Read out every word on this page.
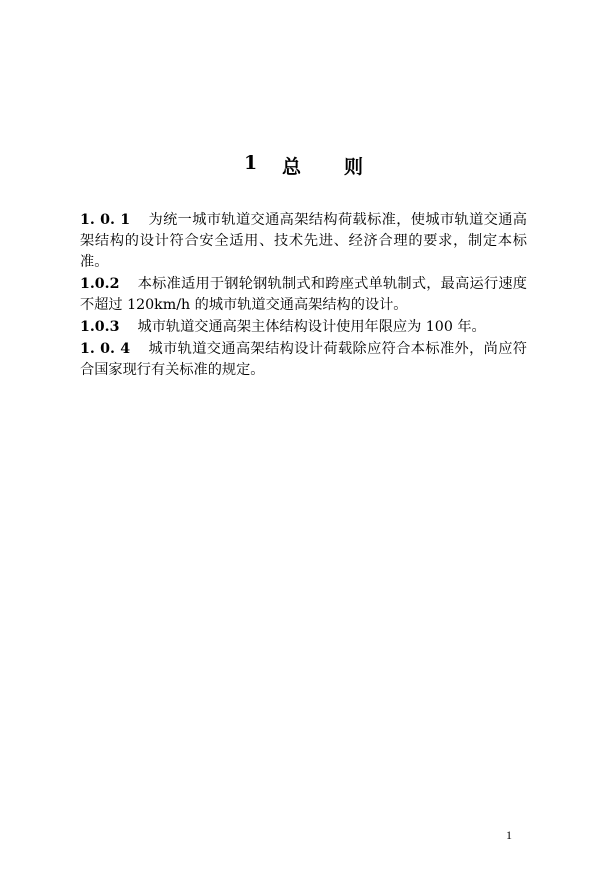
1 总 则

1. 0. 1 为统一城市轨道交通高架结构荷载标准，使城市轨道交通高架结构的设计符合安全适用、技术先进、经济合理的要求，制定本标准。

1.0.2 本标准适用于钢轮钢轨制式和跨座式单轨制式，最高运行速度不超过 120km/h 的城市轨道交通高架结构的设计。

1.0.3 城市轨道交通高架主体结构设计使用年限应为 100 年。

1. 0. 4 城市轨道交通高架结构设计荷载除应符合本标准外，尚应符合国家现行有关标准的规定。

1
